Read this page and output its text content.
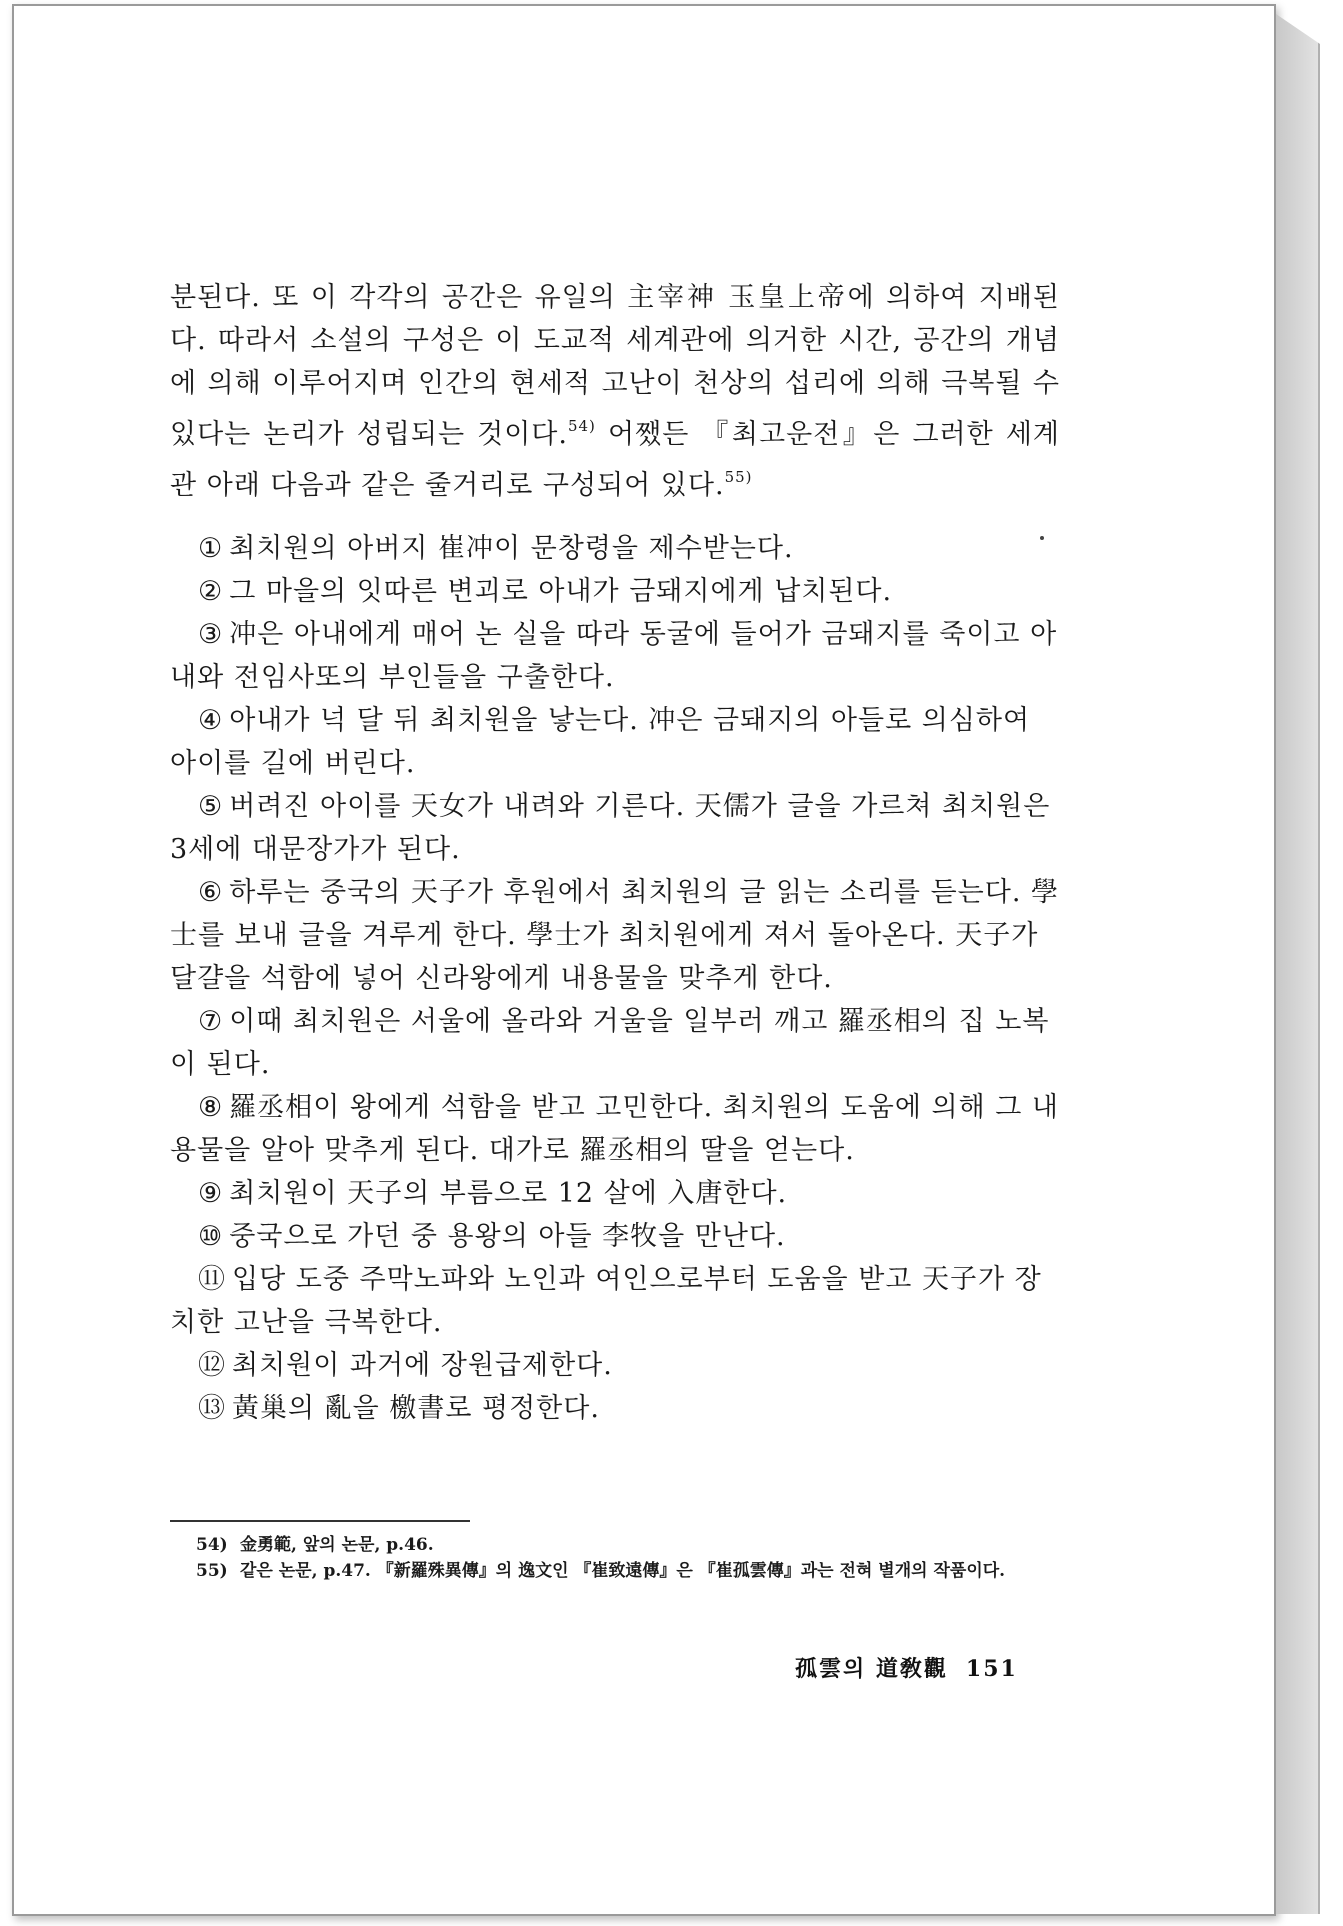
분된다. 또 이 각각의 공간은 유일의 主宰神 玉皇上帝에 의하여 지배된다. 따라서 소설의 구성은 이 도교적 세계관에 의거한 시간, 공간의 개념에 의해 이루어지며 인간의 현세적 고난이 천상의 섭리에 의해 극복될 수 있다는 논리가 성립되는 것이다.$^{54)}$ 어쨌든 『최고운전』은 그러한 세계관 아래 다음과 같은 줄거리로 구성되어 있다.$^{55)}$

① 최치원의 아버지 崔冲이 문창령을 제수받는다.

② 그 마을의 잇따른 변괴로 아내가 금돼지에게 납치된다.

③ 冲은 아내에게 매어 논 실을 따라 동굴에 들어가 금돼지를 죽이고 아내와 전임사또의 부인들을 구출한다.

④ 아내가 넉 달 뒤 최치원을 낳는다. 冲은 금돼지의 아들로 의심하여 아이를 길에 버린다.

⑤ 버려진 아이를 天女가 내려와 기른다. 天儒가 글을 가르쳐 최치원은 3세에 대문장가가 된다.

⑥ 하루는 중국의 天子가 후원에서 최치원의 글 읽는 소리를 듣는다. 學士를 보내 글을 겨루게 한다. 學士가 최치원에게 져서 돌아온다. 天子가 달걀을 석함에 넣어 신라왕에게 내용물을 맞추게 한다.

⑦ 이때 최치원은 서울에 올라와 거울을 일부러 깨고 羅丞相의 집 노복이 된다.

⑧ 羅丞相이 왕에게 석함을 받고 고민한다. 최치원의 도움에 의해 그 내용물을 알아 맞추게 된다. 대가로 羅丞相의 딸을 얻는다.

⑨ 최치원이 天子의 부름으로 12 살에 入唐한다.

⑩ 중국으로 가던 중 용왕의 아들 李牧을 만난다.

⑪ 입당 도중 주막노파와 노인과 여인으로부터 도움을 받고 天子가 장치한 고난을 극복한다.

⑫ 최치원이 과거에 장원급제한다.

⑬ 黃巢의 亂을 檄書로 평정한다.

54) 金勇範, 앞의 논문, p.46.

55) 같은 논문, p.47. 『新羅殊異傳』의 逸文인 『崔致遠傳』은 『崔孤雲傳』과는 전혀 별개의 작품이다.

孤雲의 道敎觀 151
